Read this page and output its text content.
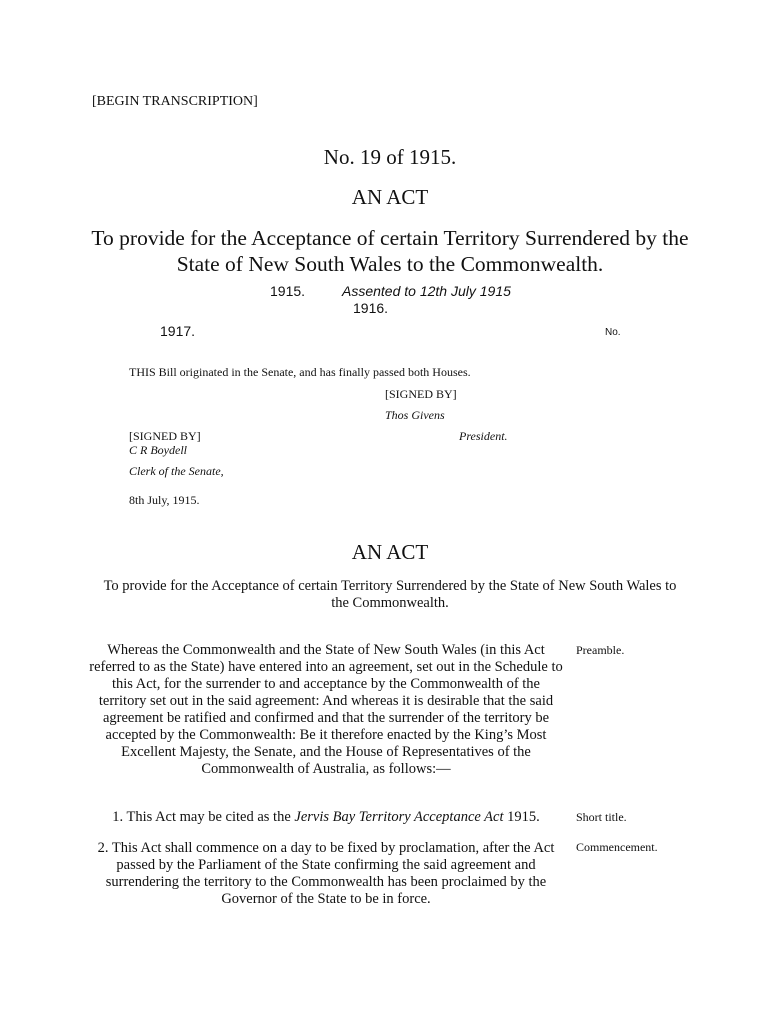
[BEGIN TRANSCRIPTION]
No. 19 of 1915.
AN ACT
To provide for the Acceptance of certain Territory Surrendered by the State of New South Wales to the Commonwealth.
1915.	Assented to 12th July 1915
1916.
1917.	No.
THIS Bill originated in the Senate, and has finally passed both Houses.
[SIGNED BY]
Thos Givens
President.
[SIGNED BY]
C R Boydell
Clerk of the Senate,
8th July, 1915.
AN ACT
To provide for the Acceptance of certain Territory Surrendered by the State of New South Wales to the Commonwealth.
Whereas the Commonwealth and the State of New South Wales (in this Act referred to as the State) have entered into an agreement, set out in the Schedule to this Act, for the surrender to and acceptance by the Commonwealth of the territory set out in the said agreement: And whereas it is desirable that the said agreement be ratified and confirmed and that the surrender of the territory be accepted by the Commonwealth: Be it therefore enacted by the King’s Most Excellent Majesty, the Senate, and the House of Representatives of the Commonwealth of Australia, as follows:—
Preamble.
1. This Act may be cited as the Jervis Bay Territory Acceptance Act 1915.	Short title.
2. This Act shall commence on a day to be fixed by proclamation, after the Act passed by the Parliament of the State confirming the said agreement and surrendering the territory to the Commonwealth has been proclaimed by the Governor of the State to be in force.
Commencement.
